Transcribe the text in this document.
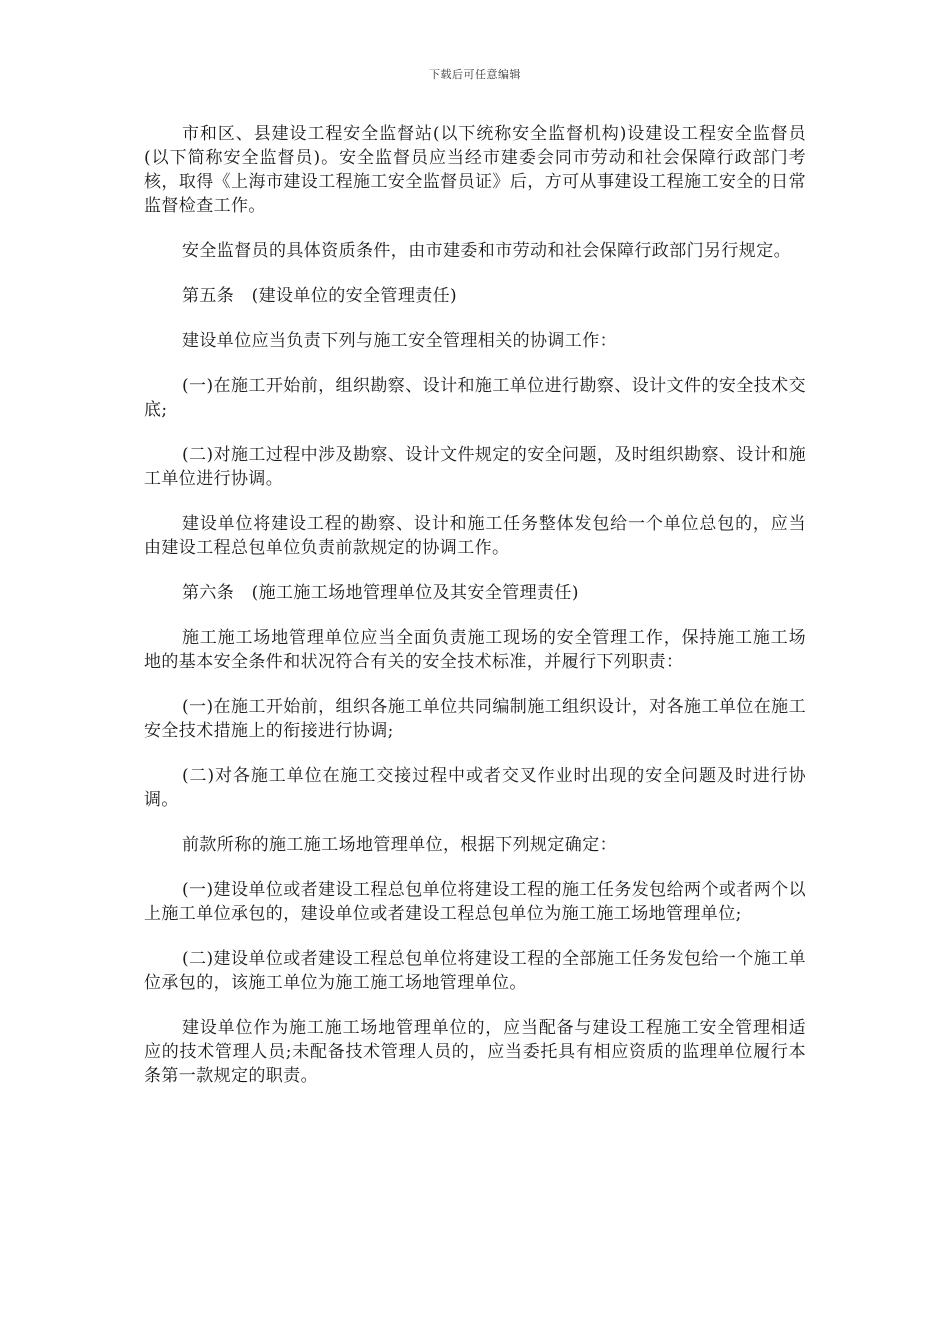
下载后可任意编辑

市和区、县建设工程安全监督站(以下统称安全监督机构)设建设工程安全监督员(以下简称安全监督员)。安全监督员应当经市建委会同市劳动和社会保障行政部门考核，取得《上海市建设工程施工安全监督员证》后，方可从事建设工程施工安全的日常监督检查工作。

安全监督员的具体资质条件，由市建委和市劳动和社会保障行政部门另行规定。

第五条　(建设单位的安全管理责任)

建设单位应当负责下列与施工安全管理相关的协调工作：

(一)在施工开始前，组织勘察、设计和施工单位进行勘察、设计文件的安全技术交底;

(二)对施工过程中涉及勘察、设计文件规定的安全问题，及时组织勘察、设计和施工单位进行协调。

建设单位将建设工程的勘察、设计和施工任务整体发包给一个单位总包的，应当由建设工程总包单位负责前款规定的协调工作。

第六条　(施工施工场地管理单位及其安全管理责任)

施工施工场地管理单位应当全面负责施工现场的安全管理工作，保持施工施工场地的基本安全条件和状况符合有关的安全技术标准，并履行下列职责：

(一)在施工开始前，组织各施工单位共同编制施工组织设计，对各施工单位在施工安全技术措施上的衔接进行协调;

(二)对各施工单位在施工交接过程中或者交叉作业时出现的安全问题及时进行协调。

前款所称的施工施工场地管理单位，根据下列规定确定：

(一)建设单位或者建设工程总包单位将建设工程的施工任务发包给两个或者两个以上施工单位承包的，建设单位或者建设工程总包单位为施工施工场地管理单位;

(二)建设单位或者建设工程总包单位将建设工程的全部施工任务发包给一个施工单位承包的，该施工单位为施工施工场地管理单位。

建设单位作为施工施工场地管理单位的，应当配备与建设工程施工安全管理相适应的技术管理人员;未配备技术管理人员的，应当委托具有相应资质的监理单位履行本条第一款规定的职责。
